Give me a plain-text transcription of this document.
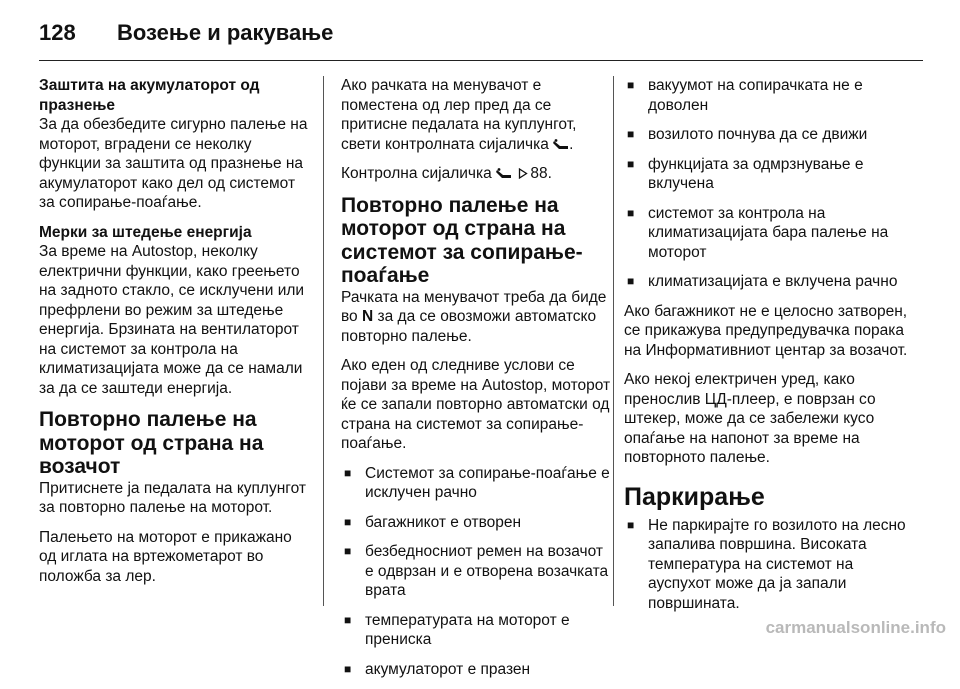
128 Возење и ракување
Заштита на акумулаторот од празнење

За да обезбедите сигурно палење на моторот, вградени се неколку функции за заштита од празнење на акумулаторот како дел од системот за сопирање-поаѓање.

Мерки за штедење енергија

За време на Autostop, неколку електрични функции, како греењето на задното стакло, се исклучени или префрлени во режим за штедење енергија. Брзината на вентилаторот на системот за контрола на климатизацијата може да се намали за да се заштеди енергија.

Повторно палење на моторот од страна на возачот

Притиснете ја педалата на куплунгот за повторно палење на моторот.

Палењето на моторот е прикажано од иглата на вртежометарот во положба за лер.

Ако рачката на менувачот е поместена од лер пред да се притисне педалата на куплунгот, свети контролната сијаличка .

Контролна сијаличка 88.

Повторно палење на моторот од страна на системот за сопирање-поаѓање

Рачката на менувачот треба да биде во N за да се овозможи автоматско повторно палење.

Ако еден од следниве услови се појави за време на Autostop, моторот ќе се запали повторно автоматски од страна на системот за сопирање-поаѓање.

■ Системот за сопирање-поаѓање е исклучен рачно
■ багажникот е отворен
■ безбедносниот ремен на возачот е одврзан и е отворена возачката врата
■ температурата на моторот е прениска
■ акумулаторот е празен
■ вакуумот на сопирачката не е доволен
■ возилото почнува да се движи
■ функцијата за одмрзнување е вклучена
■ системот за контрола на климатизацијата бара палење на моторот
■ климатизацијата е вклучена рачно

Ако багажникот не е целосно затворен, се прикажува предупредувачка порака на Информативниот центар за возачот.

Ако некој електричен уред, како пренослив ЦД-плеер, е поврзан со штекер, може да се забележи кусо опаѓање на напонот за време на повторното палење.

Паркирање
■ Не паркирајте го возилото на лесно запалива површина. Високата температура на системот на ауспухот може да ја запали површината.
carmanualsonline.info
